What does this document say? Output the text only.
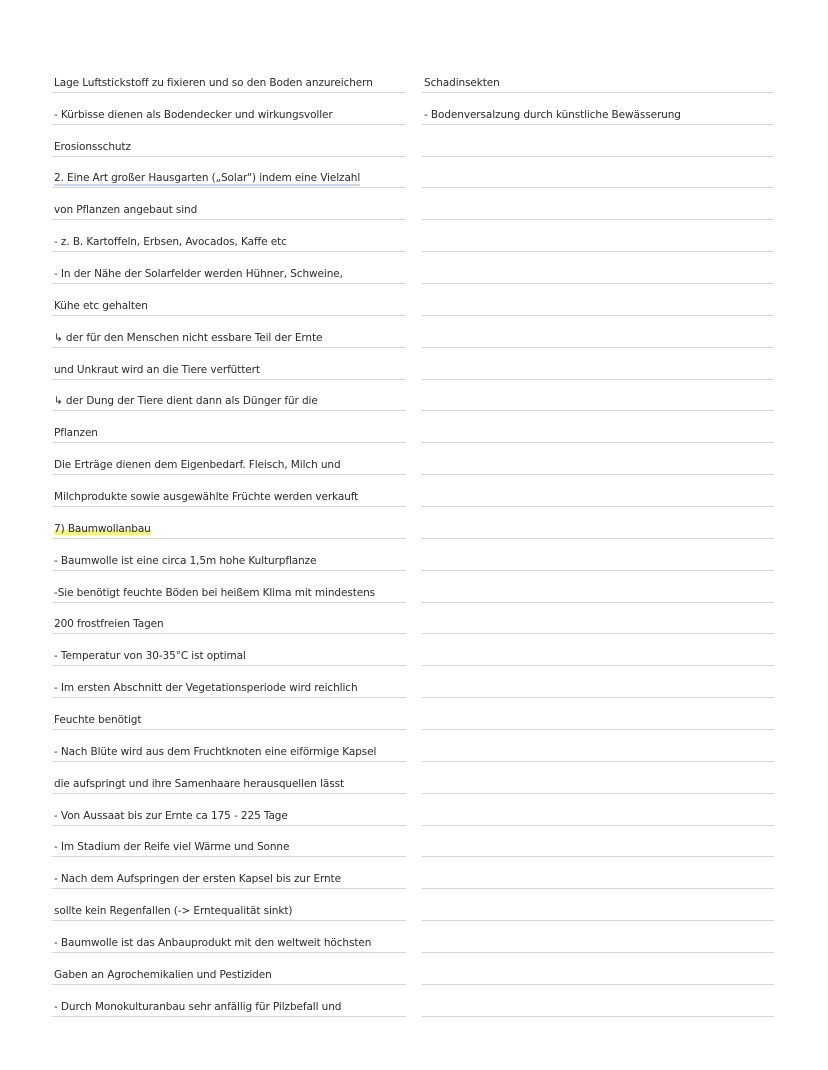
Lage Luftstickstoff zu fixieren und so den Boden anzureichern
- Kürbisse dienen als Bodendecker und wirkungsvoller
Erosionsschutz
2. Eine Art großer Hausgarten („Solar") indem eine Vielzahl
von Pflanzen angebaut sind
- z. B. Kartoffeln, Erbsen, Avocados, Kaffe etc
- In der Nähe der Solarfelder werden Hühner, Schweine,
Kühe etc gehalten
↳ der für den Menschen nicht essbare Teil der Ernte
und Unkraut wird an die Tiere verfüttert
↳ der Dung der Tiere dient dann als Dünger für die
Pflanzen
Die Erträge dienen dem Eigenbedarf. Fleisch, Milch und
Milchprodukte sowie ausgewählte Früchte werden verkauft
7) Baumwollanbau
- Baumwolle ist eine circa 1,5m hohe Kulturpflanze
-Sie benötigt feuchte Böden bei heißem Klima mit mindestens
200 frostfreien Tagen
- Temperatur von 30-35°C ist optimal
- Im ersten Abschnitt der Vegetationsperiode wird reichlich
Feuchte benötigt
- Nach Blüte wird aus dem Fruchtknoten eine eiförmige Kapsel
die aufspringt und ihre Samenhaare herausquellen lässt
- Von Aussaat bis zur Ernte ca 175 - 225 Tage
- Im Stadium der Reife viel Wärme und Sonne
- Nach dem Aufspringen der ersten Kapsel bis zur Ernte
sollte kein Regenfallen (-> Erntequalität sinkt)
- Baumwolle ist das Anbauprodukt mit den weltweit höchsten
Gaben an Agrochemikalien und Pestiziden
- Durch Monokulturanbau sehr anfällig für Pilzbefall und
Schadinsekten
- Bodenversalzung durch künstliche Bewässerung
